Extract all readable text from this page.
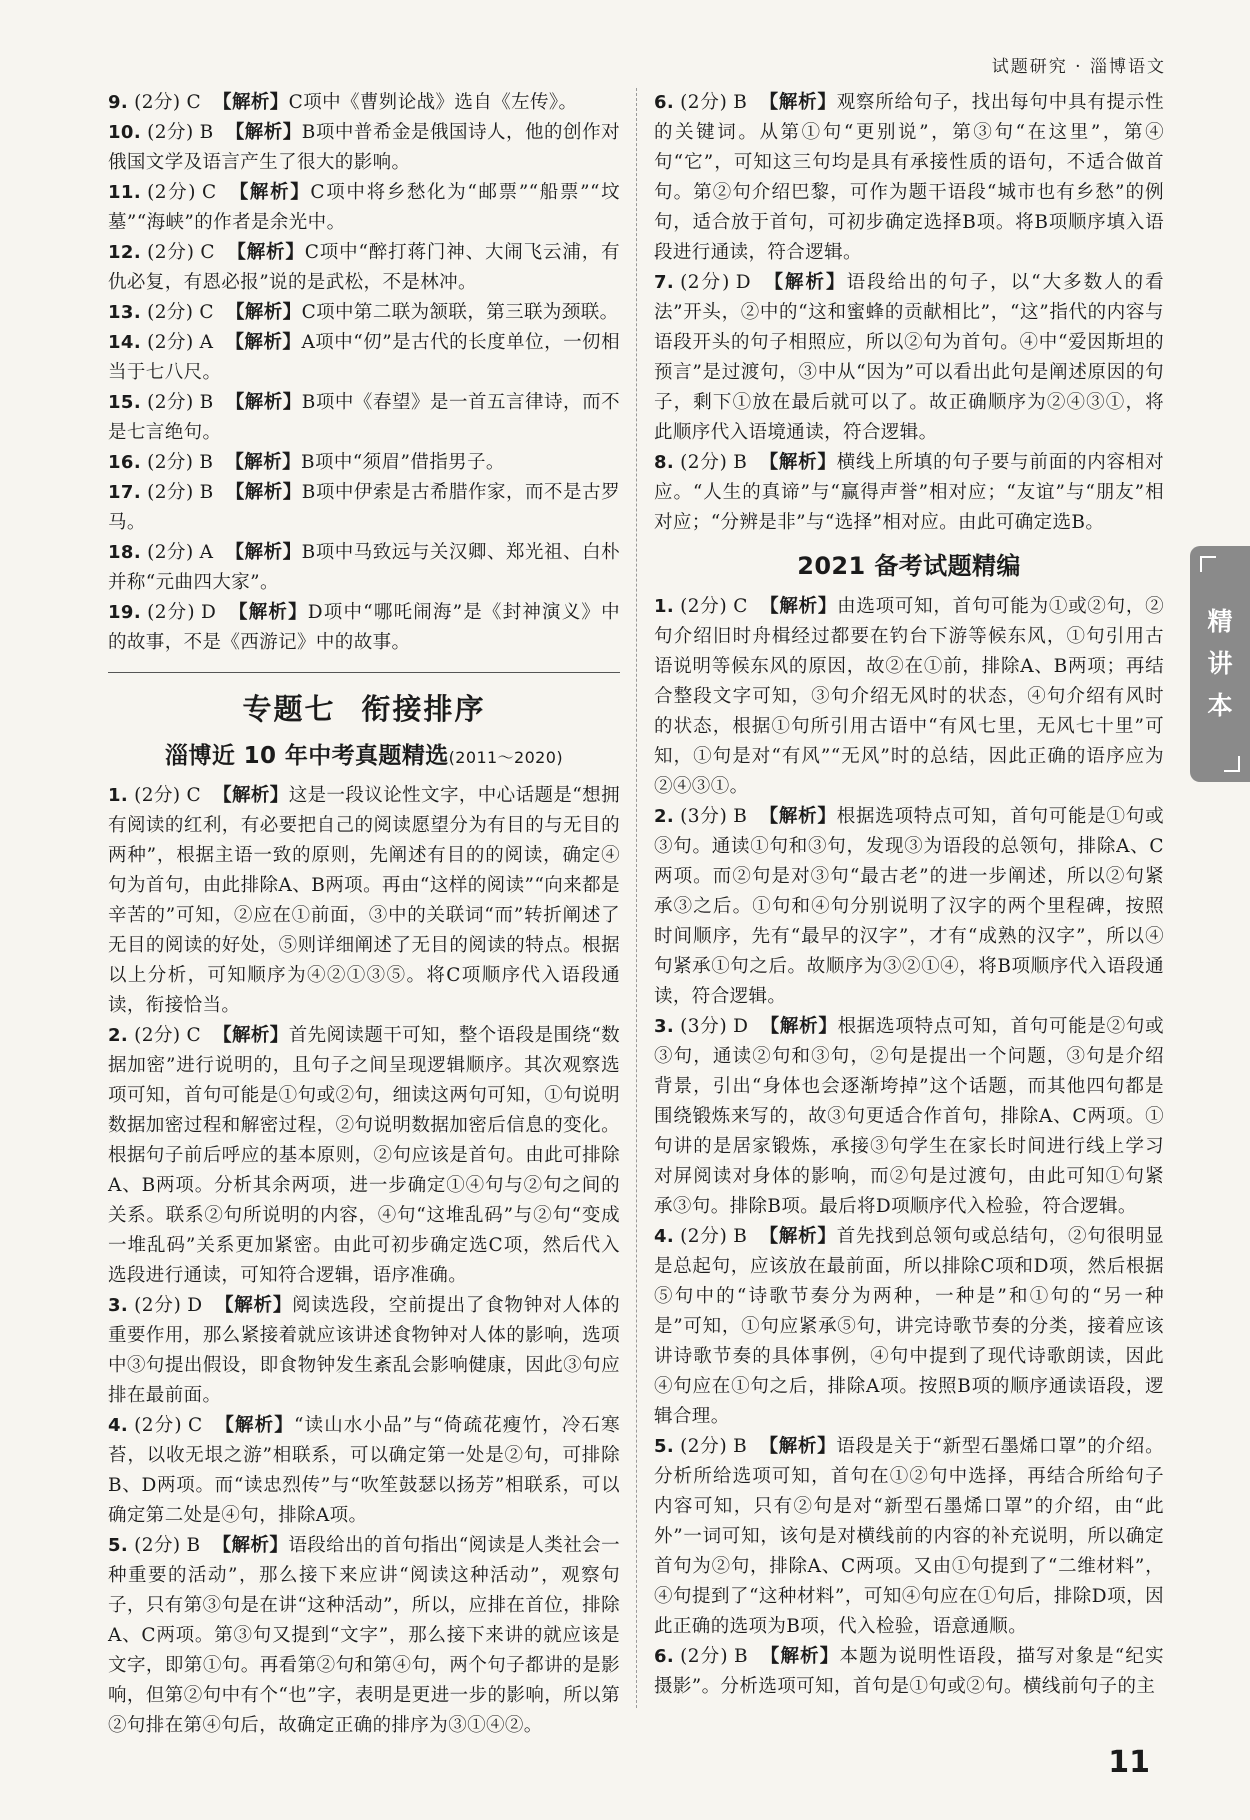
试题研究 · 淄博语文
9. (2分) C 【解析】C项中《曹刿论战》选自《左传》。
10. (2分) B 【解析】B项中普希金是俄国诗人，他的创作对俄国文学及语言产生了很大的影响。
11. (2分) C 【解析】C项中将乡愁化为“邮票”“船票”“坟墓”“海峡”的作者是余光中。
12. (2分) C 【解析】C项中“醉打蒋门神、大闹飞云浦，有仇必复，有恩必报”说的是武松，不是林冲。
13. (2分) C 【解析】C项中第二联为颔联，第三联为颈联。
14. (2分) A 【解析】A项中“仞”是古代的长度单位，一仞相当于七八尺。
15. (2分) B 【解析】B项中《春望》是一首五言律诗，而不是七言绝句。
16. (2分) B 【解析】B项中“须眉”借指男子。
17. (2分) B 【解析】B项中伊索是古希腊作家，而不是古罗马。
18. (2分) A 【解析】B项中马致远与关汉卿、郑光祖、白朴并称“元曲四大家”。
19. (2分) D 【解析】D项中“哪吒闹海”是《封神演义》中的故事，不是《西游记》中的故事。
专题七 衔接排序
淄博近 10 年中考真题精选(2011～2020)
1. (2分) C 【解析】这是一段议论性文字，中心话题是“想拥有阅读的红利，有必要把自己的阅读愿望分为有目的与无目的两种”，根据主语一致的原则，先阐述有目的的阅读，确定④句为首句，由此排除A、B两项。再由“这样的阅读”“向来都是辛苦的”可知，②应在①前面，③中的关联词“而”转折阐述了无目的阅读的好处，⑤则详细阐述了无目的阅读的特点。根据以上分析，可知顺序为④②①③⑤。将C项顺序代入语段通读，衔接恰当。
2. (2分) C 【解析】首先阅读题干可知，整个语段是围绕“数据加密”进行说明的，且句子之间呈现逻辑顺序。其次观察选项可知，首句可能是①句或②句，细读这两句可知，①句说明数据加密过程和解密过程，②句说明数据加密后信息的变化。根据句子前后呼应的基本原则，②句应该是首句。由此可排除A、B两项。分析其余两项，进一步确定①④句与②句之间的关系。联系②句所说明的内容，④句“这堆乱码”与②句“变成一堆乱码”关系更加紧密。由此可初步确定选C项，然后代入选段进行通读，可知符合逻辑，语序准确。
3. (2分) D 【解析】阅读选段，空前提出了食物钟对人体的重要作用，那么紧接着就应该讲述食物钟对人体的影响，选项中③句提出假设，即食物钟发生紊乱会影响健康，因此③句应排在最前面。
4. (2分) C 【解析】“读山水小品”与“倚疏花瘦竹，冷石寒苔，以收无垠之游”相联系，可以确定第一处是②句，可排除B、D两项。而“读忠烈传”与“吹笙鼓瑟以扬芳”相联系，可以确定第二处是④句，排除A项。
5. (2分) B 【解析】语段给出的首句指出“阅读是人类社会一种重要的活动”，那么接下来应讲“阅读这种活动”，观察句子，只有第③句是在讲“这种活动”，所以，应排在首位，排除A、C两项。第③句又提到“文字”，那么接下来讲的就应该是文字，即第①句。再看第②句和第④句，两个句子都讲的是影响，但第②句中有个“也”字，表明是更进一步的影响，所以第②句排在第④句后，故确定正确的排序为③①④②。
6. (2分) B 【解析】观察所给句子，找出每句中具有提示性的关键词。从第①句“更别说”，第③句“在这里”，第④句“它”，可知这三句均是具有承接性质的语句，不适合做首句。第②句介绍巴黎，可作为题干语段“城市也有乡愁”的例句，适合放于首句，可初步确定选择B项。将B项顺序填入语段进行通读，符合逻辑。
7. (2分) D 【解析】语段给出的句子，以“大多数人的看法”开头，②中的“这和蜜蜂的贡献相比”，“这”指代的内容与语段开头的句子相照应，所以②句为首句。④中“爱因斯坦的预言”是过渡句，③中从“因为”可以看出此句是阐述原因的句子，剩下①放在最后就可以了。故正确顺序为②④③①，将此顺序代入语境通读，符合逻辑。
8. (2分) B 【解析】横线上所填的句子要与前面的内容相对应。“人生的真谛”与“赢得声誉”相对应；“友谊”与“朋友”相对应；“分辨是非”与“选择”相对应。由此可确定选B。
2021 备考试题精编
1. (2分) C 【解析】由选项可知，首句可能为①或②句，②句介绍旧时舟楫经过都要在钓台下游等候东风，①句引用古语说明等候东风的原因，故②在①前，排除A、B两项；再结合整段文字可知，③句介绍无风时的状态，④句介绍有风时的状态，根据①句所引用古语中“有风七里，无风七十里”可知，①句是对“有风”“无风”时的总结，因此正确的语序应为②④③①。
2. (3分) B 【解析】根据选项特点可知，首句可能是①句或③句。通读①句和③句，发现③为语段的总领句，排除A、C两项。而②句是对③句“最古老”的进一步阐述，所以②句紧承③之后。①句和④句分别说明了汉字的两个里程碑，按照时间顺序，先有“最早的汉字”，才有“成熟的汉字”，所以④句紧承①句之后。故顺序为③②①④，将B项顺序代入语段通读，符合逻辑。
3. (3分) D 【解析】根据选项特点可知，首句可能是②句或③句，通读②句和③句，②句是提出一个问题，③句是介绍背景，引出“身体也会逐渐垮掉”这个话题，而其他四句都是围绕锻炼来写的，故③句更适合作首句，排除A、C两项。①句讲的是居家锻炼，承接③句学生在家长时间进行线上学习对屏阅读对身体的影响，而②句是过渡句，由此可知①句紧承③句。排除B项。最后将D项顺序代入检验，符合逻辑。
4. (2分) B 【解析】首先找到总领句或总结句，②句很明显是总起句，应该放在最前面，所以排除C项和D项，然后根据⑤句中的“诗歌节奏分为两种，一种是”和①句的“另一种是”可知，①句应紧承⑤句，讲完诗歌节奏的分类，接着应该讲诗歌节奏的具体事例，④句中提到了现代诗歌朗读，因此④句应在①句之后，排除A项。按照B项的顺序通读语段，逻辑合理。
5. (2分) B 【解析】语段是关于“新型石墨烯口罩”的介绍。分析所给选项可知，首句在①②句中选择，再结合所给句子内容可知，只有②句是对“新型石墨烯口罩”的介绍，由“此外”一词可知，该句是对横线前的内容的补充说明，所以确定首句为②句，排除A、C两项。又由①句提到了“二维材料”，④句提到了“这种材料”，可知④句应在①句后，排除D项，因此正确的选项为B项，代入检验，语意通顺。
6. (2分) B 【解析】本题为说明性语段，描写对象是“纪实摄影”。分析选项可知，首句是①句或②句。横线前句子的主
精
讲
本
11
